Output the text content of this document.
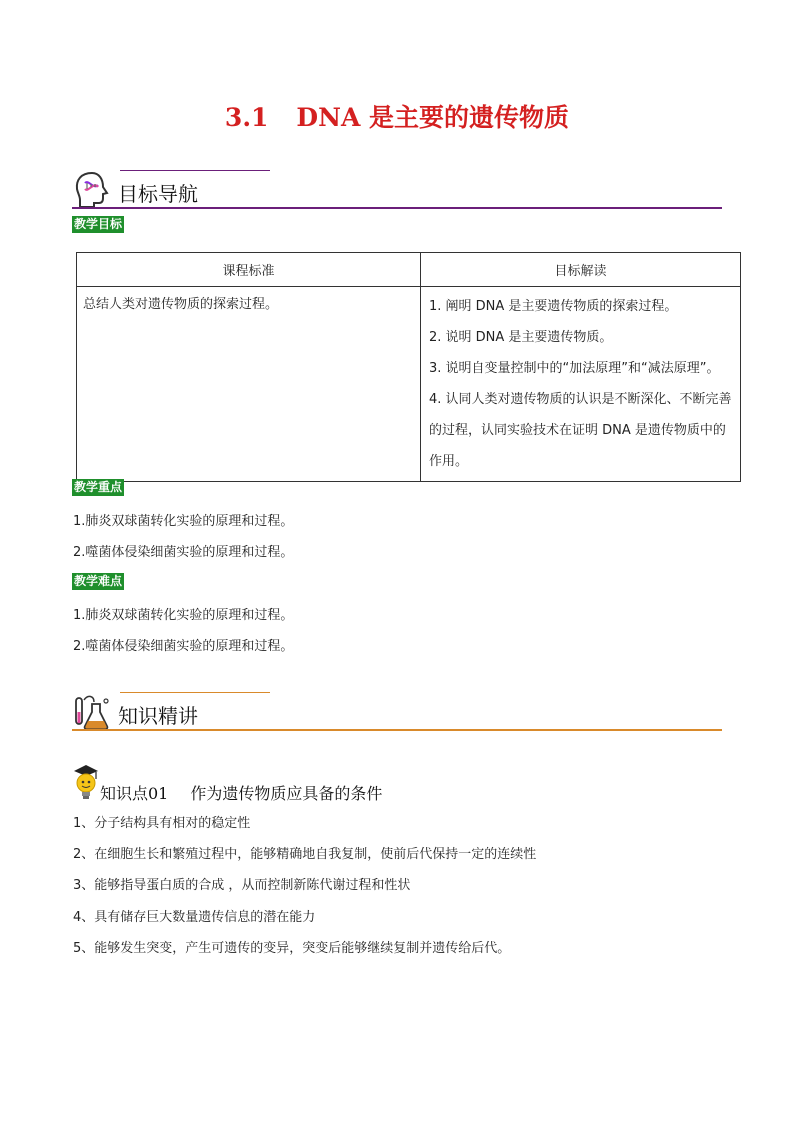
3.1 DNA 是主要的遗传物质
目标导航
教学目标
课程标准	目标解读
总结人类对遗传物质的探索过程。	1. 阐明 DNA 是主要遗传物质的探索过程。
2. 说明 DNA 是主要遗传物质。
3. 说明自变量控制中的“加法原理”和“减法原理”。
4. 认同人类对遗传物质的认识是不断深化、不断完善的过程，认同实验技术在证明 DNA 是遗传物质中的作用。
教学重点
1.肺炎双球菌转化实验的原理和过程。
2.噬菌体侵染细菌实验的原理和过程。
教学难点
1.肺炎双球菌转化实验的原理和过程。
2.噬菌体侵染细菌实验的原理和过程。
知识精讲
知识点01 作为遗传物质应具备的条件
1、分子结构具有相对的稳定性
2、在细胞生长和繁殖过程中，能够精确地自我复制，使前后代保持一定的连续性
3、能够指导蛋白质的合成 ，从而控制新陈代谢过程和性状
4、具有储存巨大数量遗传信息的潜在能力
5、能够发生突变，产生可遗传的变异，突变后能够继续复制并遗传给后代。
